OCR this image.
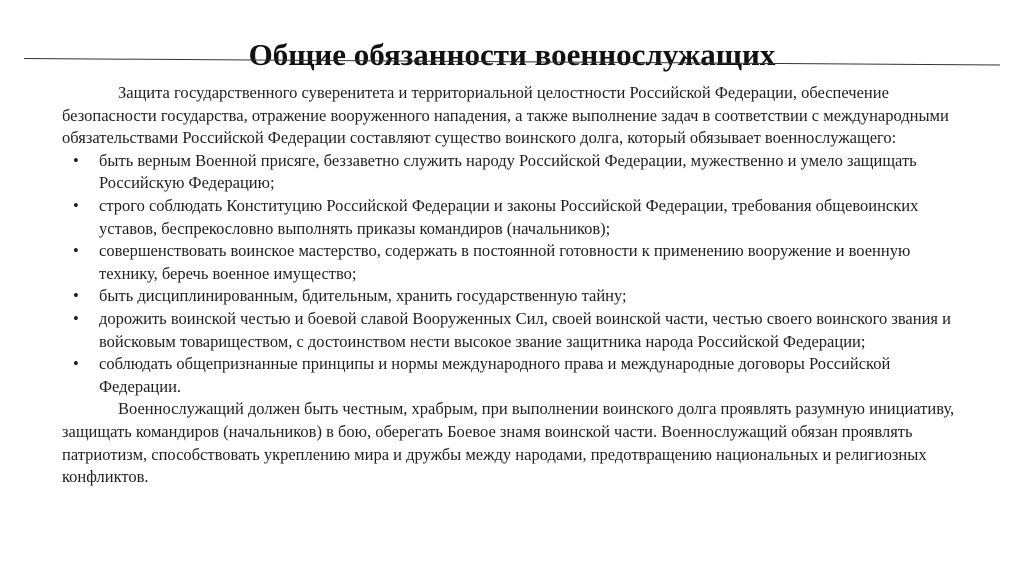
Общие обязанности военнослужащих

Защита государственного суверенитета и территориальной целостности Российской Федерации, обеспечение безопасности государства, отражение вооруженного нападения, а также выполнение задач в соответствии с международными обязательствами Российской Федерации составляют существо воинского долга, который обязывает военнослужащего:

• быть верным Военной присяге, беззаветно служить народу Российской Федерации, мужественно и умело защищать Российскую Федерацию;
• строго соблюдать Конституцию Российской Федерации и законы Российской Федерации, требования общевоинских уставов, беспрекословно выполнять приказы командиров (начальников);
• совершенствовать воинское мастерство, содержать в постоянной готовности к применению вооружение и военную технику, беречь военное имущество;
• быть дисциплинированным, бдительным, хранить государственную тайну;
• дорожить воинской честью и боевой славой Вооруженных Сил, своей воинской части, честью своего воинского звания и войсковым товариществом, с достоинством нести высокое звание защитника народа Российской Федерации;
• соблюдать общепризнанные принципы и нормы международного права и международные договоры Российской Федерации.

Военнослужащий должен быть честным, храбрым, при выполнении воинского долга проявлять разумную инициативу, защищать командиров (начальников) в бою, оберегать Боевое знамя воинской части. Военнослужащий обязан проявлять патриотизм, способствовать укреплению мира и дружбы между народами, предотвращению национальных и религиозных конфликтов.
